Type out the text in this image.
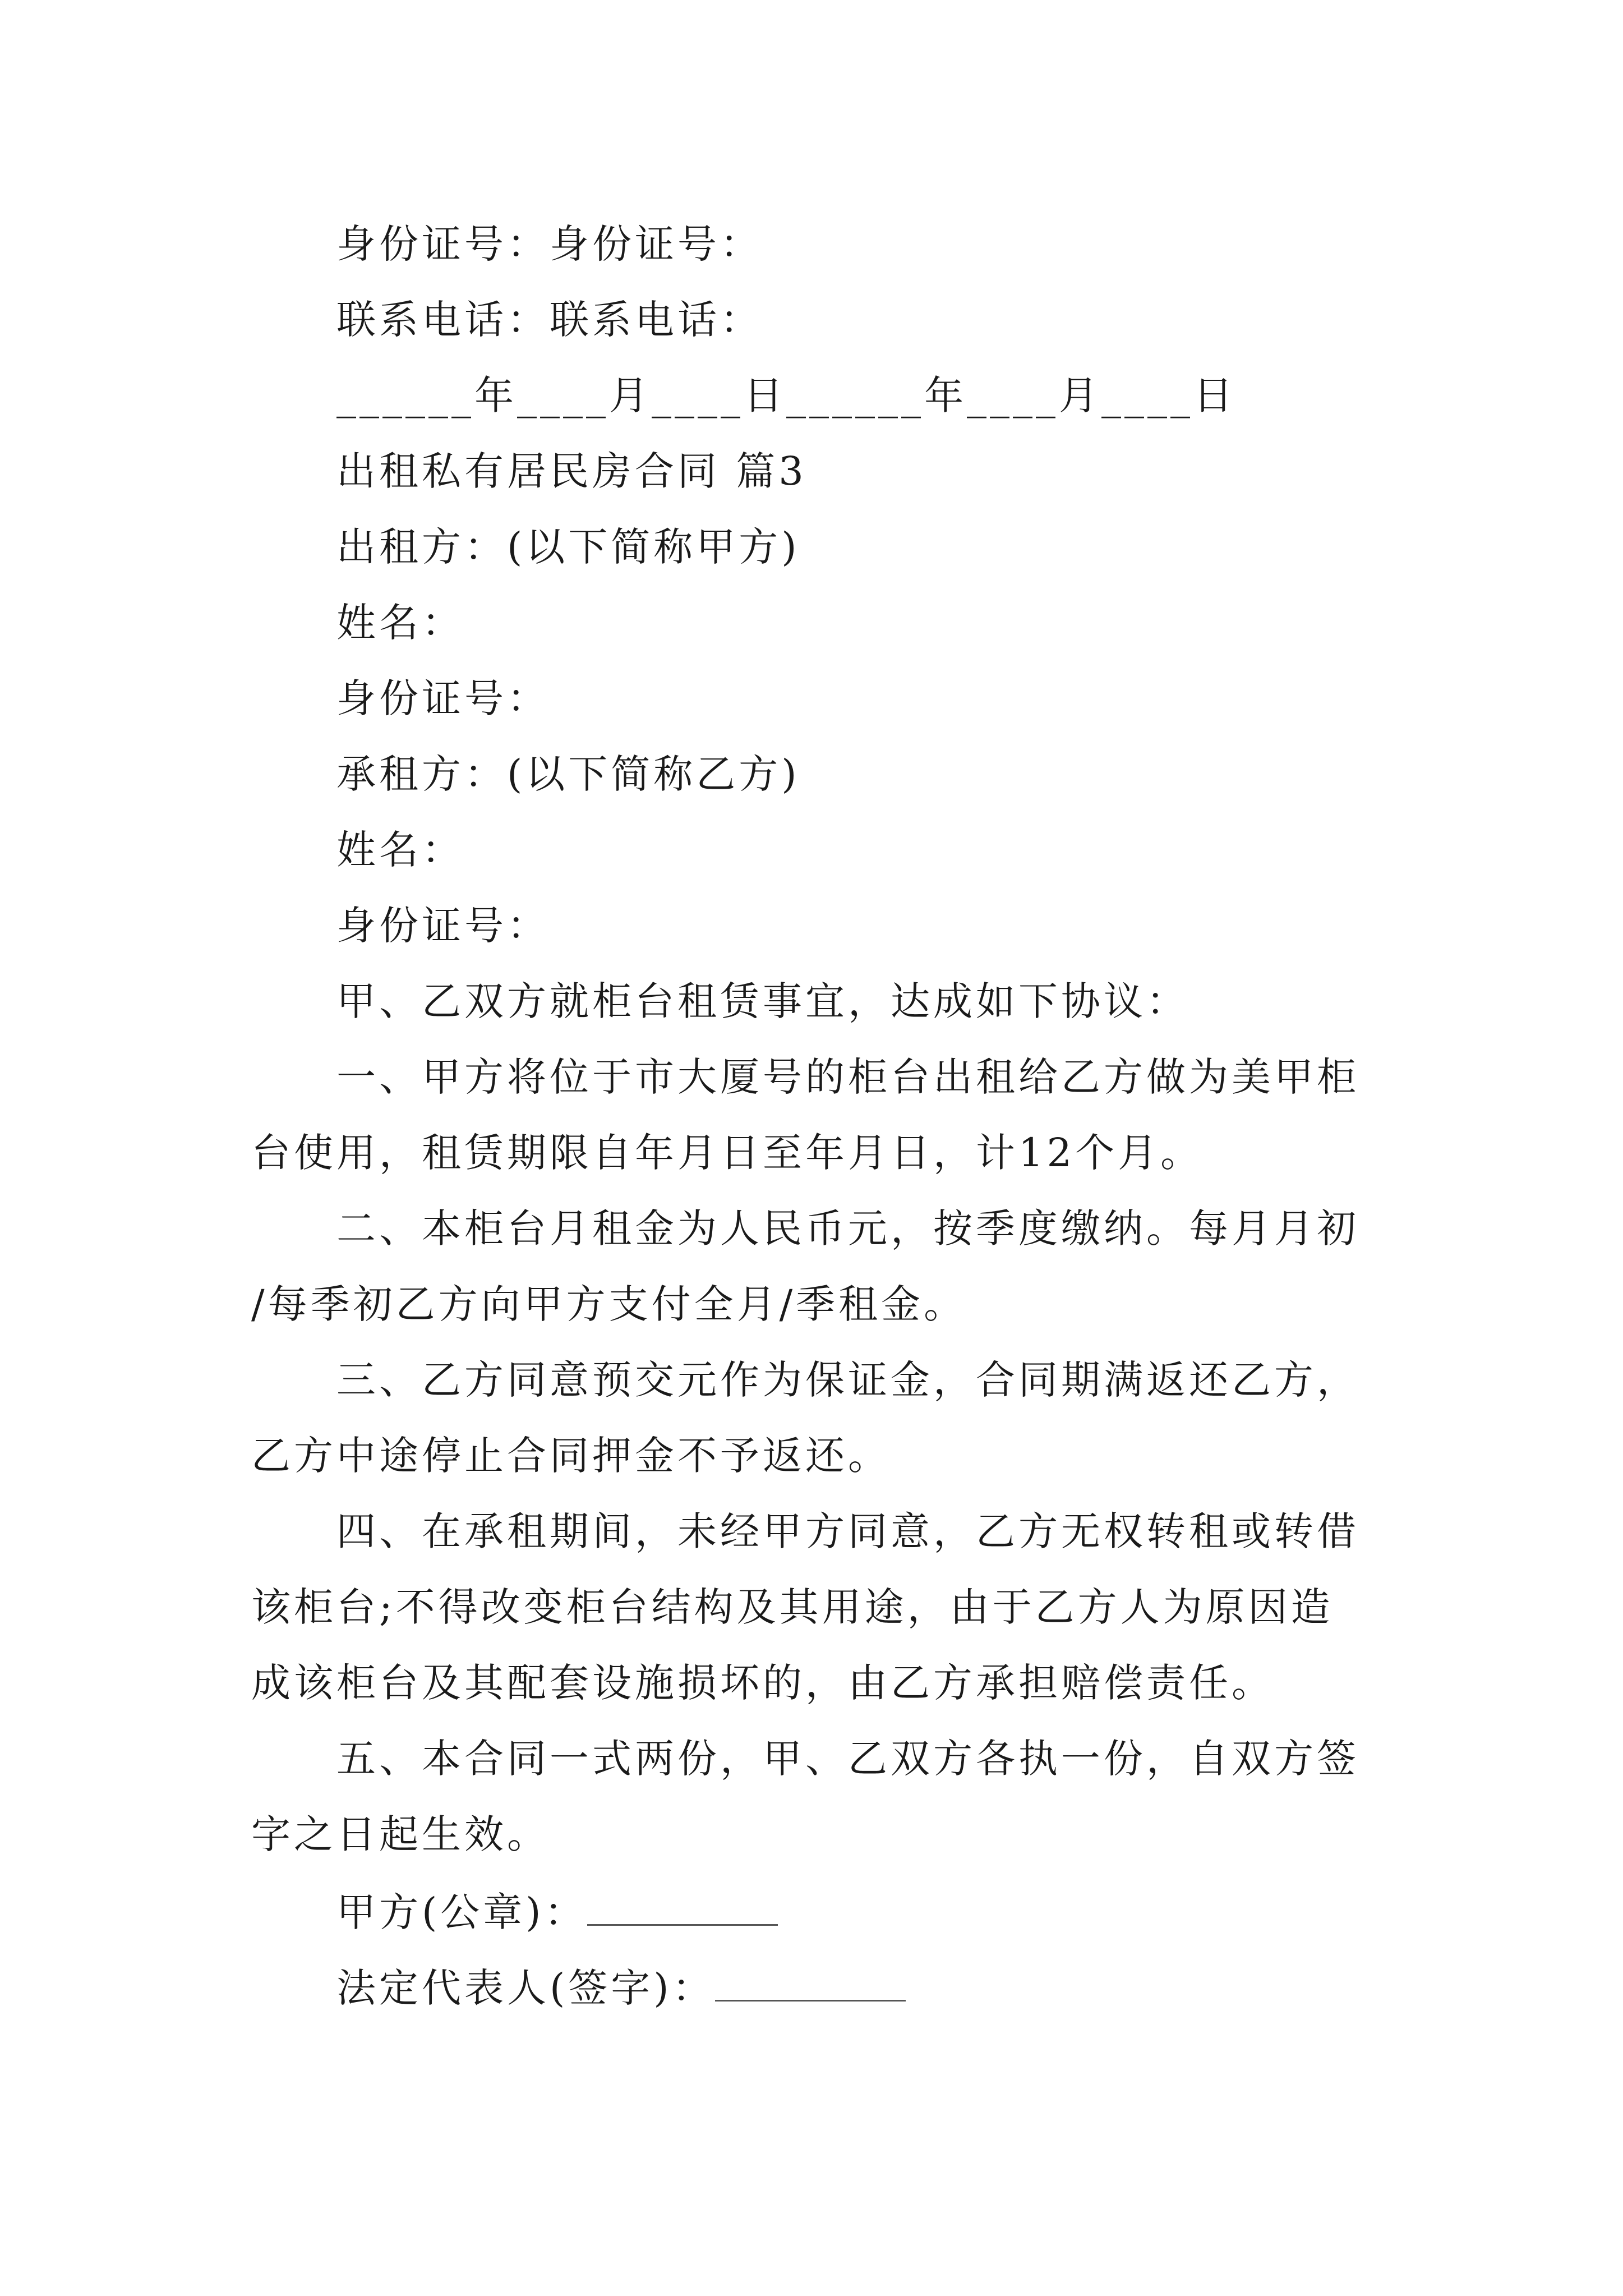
身份证号：身份证号：
联系电话：联系电话：
______年____月____日______年____月____日
出租私有居民房合同 篇3
出租方：(以下简称甲方)
姓名：
身份证号：
承租方：(以下简称乙方)
姓名：
身份证号：
甲、乙双方就柜台租赁事宜，达成如下协议：
一、甲方将位于市大厦号的柜台出租给乙方做为美甲柜
台使用，租赁期限自年月日至年月日，计12个月。
二、本柜台月租金为人民币元，按季度缴纳。每月月初
/每季初乙方向甲方支付全月/季租金。
三、乙方同意预交元作为保证金，合同期满返还乙方，
乙方中途停止合同押金不予返还。
四、在承租期间，未经甲方同意，乙方无权转租或转借
该柜台;不得改变柜台结构及其用途，由于乙方人为原因造
成该柜台及其配套设施损坏的，由乙方承担赔偿责任。
五、本合同一式两份，甲、乙双方各执一份，自双方签
字之日起生效。
甲方(公章)：
法定代表人(签字)：
